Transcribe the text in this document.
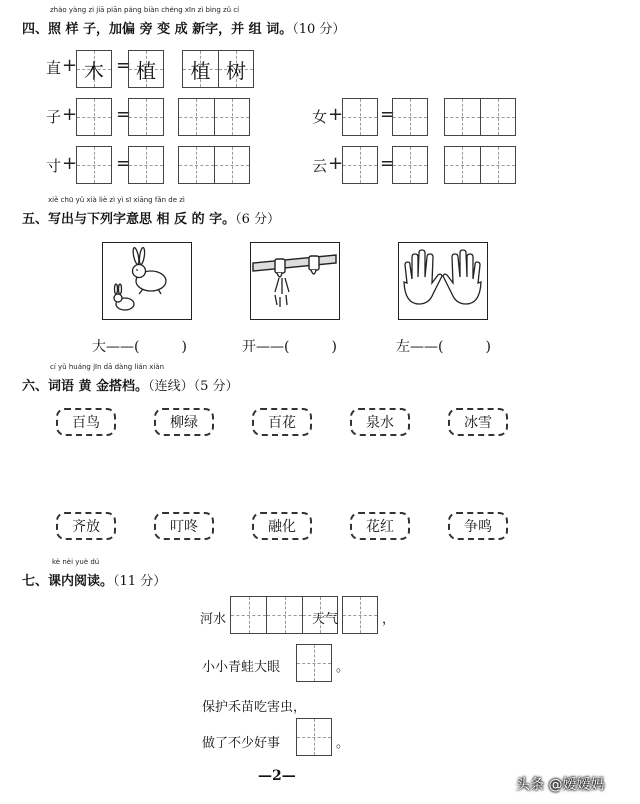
zhào yàng zi jiā piān páng biàn chéng xīn zì bìng zǔ cí
四、照 样 子，加偏 旁 变 成 新字，并 组 词。（10 分）
直 + 木 = 植	植 树
子 + =	女 + =
寸 + =	云 + =
xiě chū yǔ xià liè zì yì sī xiāng fǎn de zì
五、写出与下列字意思 相 反 的 字。（6 分）
大——(　　　)	开——(　　　)	左——(　　　)
cí yǔ huáng jīn dā dàng lián xiàn
六、词语 黄 金搭档。（连线）（5 分）
百鸟	柳绿	百花	泉水	冰雪
齐放	叮咚	融化	花红	争鸣
kè nèi yuè dú
七、课内阅读。（11 分）
河水	天气	，
小小青蛙大眼	。
保护禾苗吃害虫，
做了不少好事	。
—2—
头条 @嫒嫒妈
